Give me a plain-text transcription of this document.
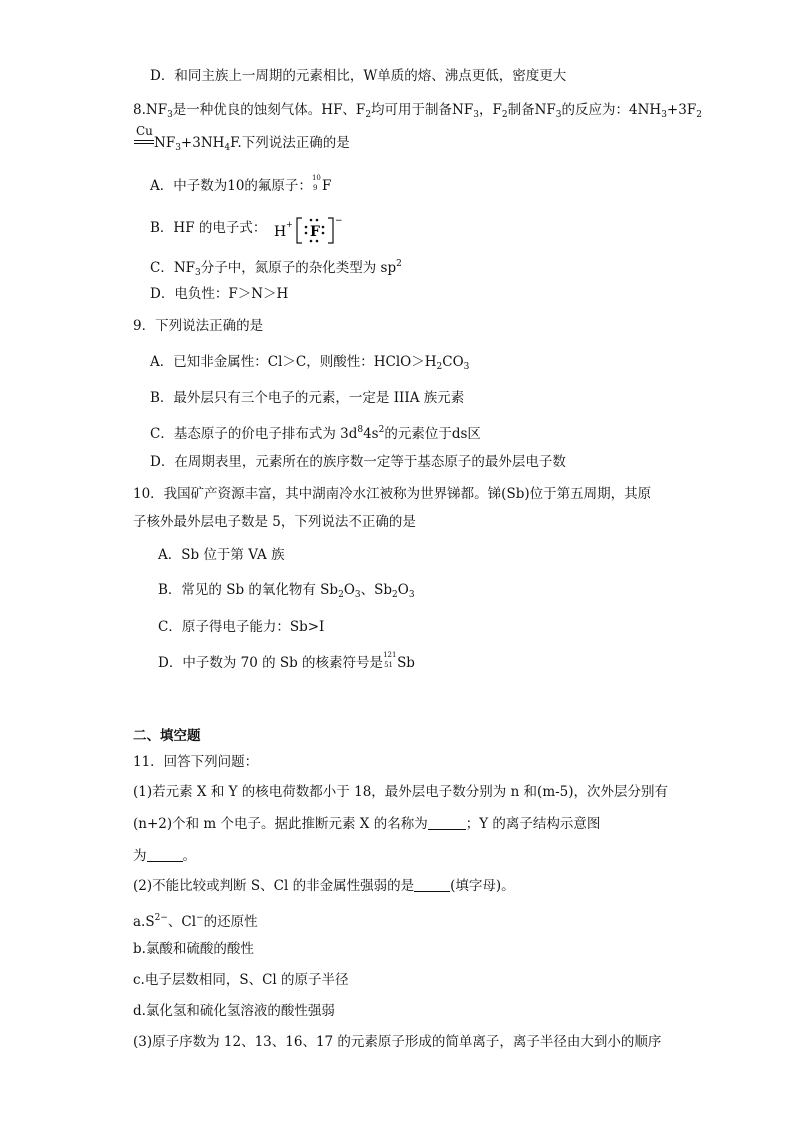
D．和同主族上一周期的元素相比，W单质的熔、沸点更低，密度更大
$8.NF_3$是一种优良的蚀刻气体。HF、$F_2$均可用于制备$NF_3$，$F_2$制备$NF_3$的反应为：$4NH_3+3F_2$
Cu
$NF_3+3NH_4F$.下列说法正确的是
A．中子数为10的氟原子： 10
9 F
B．HF 的电子式： H + F
−
C．$NF_3$分子中，氮原子的杂化类型为 $sp^2$
D．电负性：F＞N＞H
9．下列说法正确的是
A．已知非金属性：Cl＞C，则酸性：$HClO>H_2CO_3$
B．最外层只有三个电子的元素，一定是 IIIA 族元素
C．基态原子的价电子排布式为 $3d^84s^2$的元素位于ds区
D．在周期表里，元素所在的族序数一定等于基态原子的最外层电子数
10．我国矿产资源丰富，其中湖南冷水江被称为世界锑都。锑(Sb)位于第五周期，其原
子核外最外层电子数是 5，下列说法不正确的是
A．Sb 位于第 VA 族
B．常见的 Sb 的氧化物有 $Sb_2O_3$、$Sb_2O_3$
C．原子得电子能力：Sb>I
D．中子数为 70 的 Sb 的核素符号是 121
51 Sb
二、填空题
11．回答下列问题：
(1)若元素 X 和 Y 的核电荷数都小于 18，最外层电子数分别为 n 和(m-5)，次外层分别有
(n+2)个和 m 个电子。据此推断元素 X 的名称为	；Y 的离子结构示意图
为	。
(2)不能比较或判断 S、Cl 的非金属性强弱的是	(填字母)。
$a.S^{2-}$、Cl−的还原性
b.氯酸和硫酸的酸性
c.电子层数相同，S、Cl 的原子半径
d.氯化氢和硫化氢溶液的酸性强弱
(3)原子序数为 12、13、16、17 的元素原子形成的简单离子，离子半径由大到小的顺序
